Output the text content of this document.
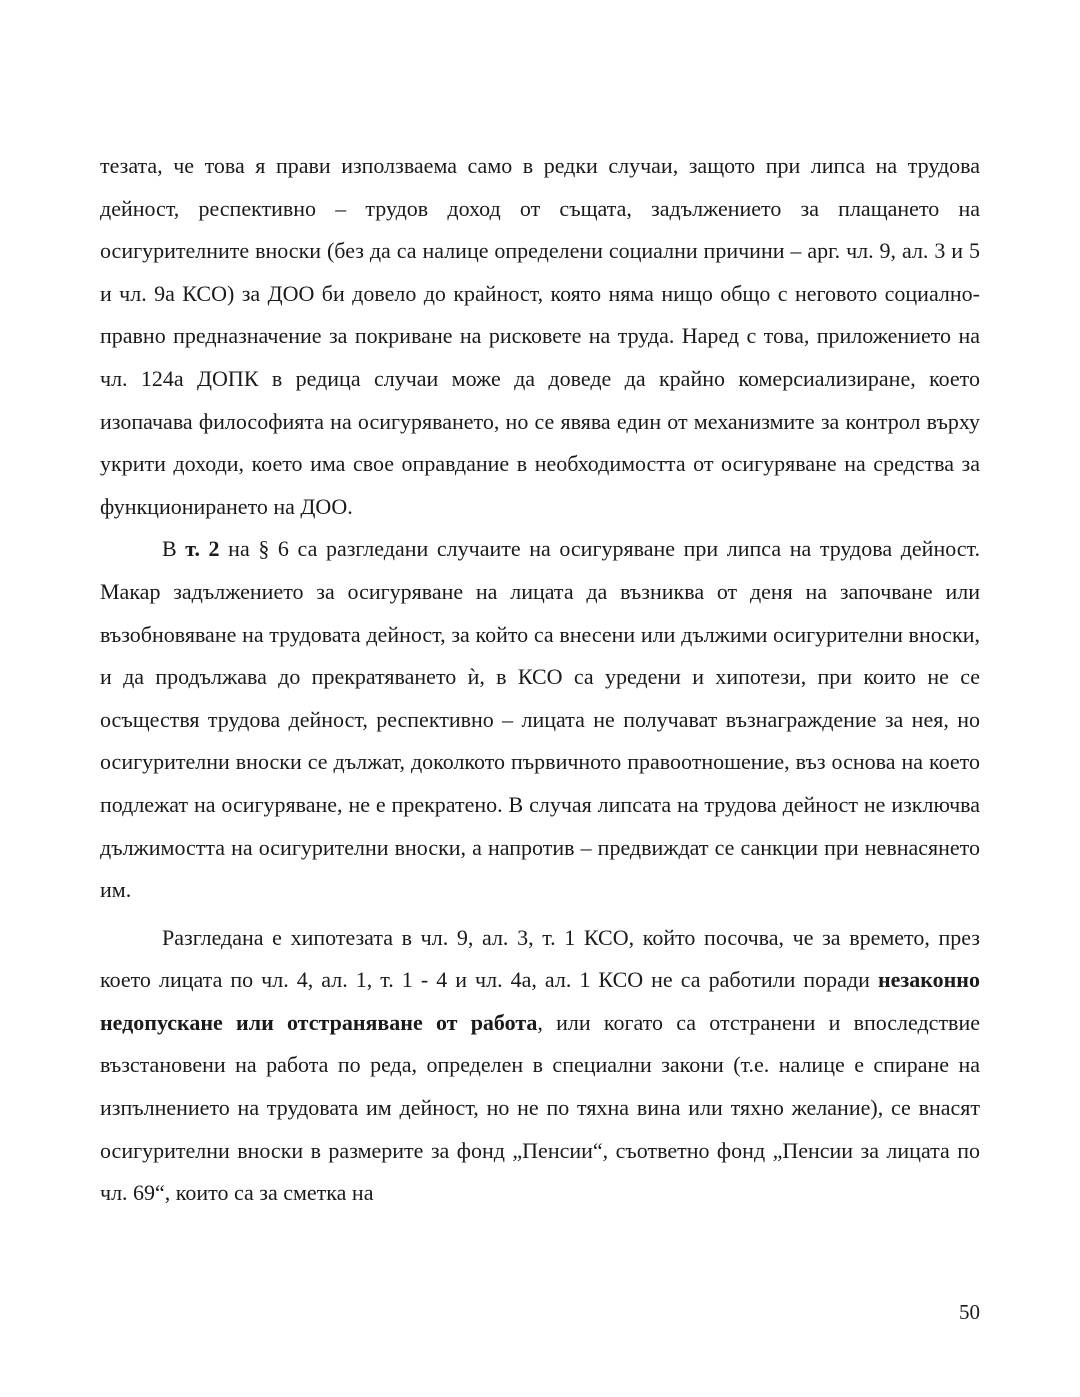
тезата, че това я прави използваема само в редки случаи, защото при липса на трудова дейност, респективно – трудов доход от същата, задължението за плащането на осигурителните вноски (без да са налице определени социални причини – арг. чл. 9, ал. 3 и 5 и чл. 9а КСО) за ДОО би довело до крайност, която няма нищо общо с неговото социално-правно предназначение за покриване на рисковете на труда. Наред с това, приложението на чл. 124а ДОПК в редица случаи може да доведе да крайно комерсиализиране, което изопачава философията на осигуряването, но се явява един от механизмите за контрол върху укрити доходи, което има свое оправдание в необходимостта от осигуряване на средства за функционирането на ДОО.

В т. 2 на § 6 са разгледани случаите на осигуряване при липса на трудова дейност. Макар задължението за осигуряване на лицата да възниква от деня на започване или възобновяване на трудовата дейност, за който са внесени или дължими осигурителни вноски, и да продължава до прекратяването ѝ, в КСО са уредени и хипотези, при които не се осъществя трудова дейност, респективно – лицата не получават възнаграждение за нея, но осигурителни вноски се дължат, доколкото първичното правоотношение, въз основа на което подлежат на осигуряване, не е прекратено. В случая липсата на трудова дейност не изключва дължимостта на осигурителни вноски, а напротив – предвиждат се санкции при невнасянето им.

Разгледана е хипотезата в чл. 9, ал. 3, т. 1 КСО, който посочва, че за времето, през което лицата по чл. 4, ал. 1, т. 1 - 4 и чл. 4а, ал. 1 КСО не са работили поради незаконно недопускане или отстраняване от работа, или когато са отстранени и впоследствие възстановени на работа по реда, определен в специални закони (т.е. налице е спиране на изпълнението на трудовата им дейност, но не по тяхна вина или тяхно желание), се внасят осигурителни вноски в размерите за фонд „Пенсии“, съответно фонд „Пенсии за лицата по чл. 69“, които са за сметка на

50
